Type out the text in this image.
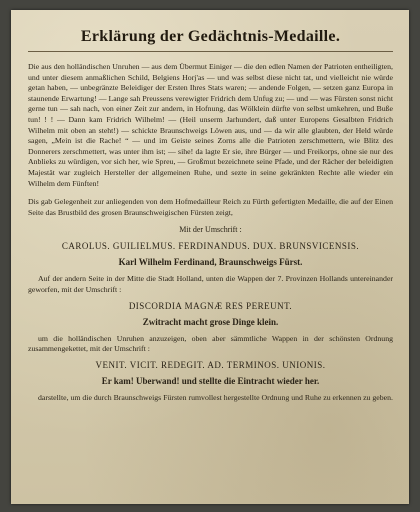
Erklärung der Gedächtnis-Medaille.

Die aus den holländischen Unruhen — aus dem Übermut Einiger — die den edlen Namen der Patrioten entheiligten, und unter diesem anmaßlichen Schild, Belgiens Horj'as — und was selbst diese nicht tat, und vielleicht nie würde getan haben, — unbegränzte Beleidiger der Ersten Ihres Stats waren; — andende Folgen, — setzen ganz Europa in staunende Erwartung! — Lange sah Preussens verewigter Fridrich dem Unfug zu; — und — was Fürsten sonst nicht gerne tun — sah nach, von einer Zeit zur andern, in Hofnung, das Wölklein dürfte von selbst umkehren, und Buße tun! ! ! — Dann kam Fridrich Wilhelm! — (Heil unserm Jarhundert, daß unter Europens Gesalbten Fridrich Wilhelm mit oben an steht!) — schickte Braunschweigs Löwen aus, und — da wir alle glaubten, der Held würde sagen, „Mein ist die Rache! “ — und im Geiste seines Zorns alle die Patrioten zerschmettern, wie Blitz des Donnerers zerschmettert, was unter ihm ist; — sihe! da lagte Er sie, ihre Bürger — und Freikorps, ohne sie nur des Anblieks zu würdigen, vor sich her, wie Spreu, — Großmut bezeichnete seine Pfade, und der Rächer der beleidigten Majestät war zugleich Hersteller der allgemeinen Ruhe, und sezte in seine gekränkten Rechte alle wieder ein Wilhelm dem Fünften!

Dis gab Gelegenheit zur anliegenden von dem Hofmedailleur Reich zu Fürth gefertigten Medaille, die auf der Einen Seite das Brustbild des grosen Braunschweigischen Fürsten zeigt,

Mit der Umschrift :

CAROLUS. GUILIELMUS. FERDINANDUS. DUX. BRUNSVICENSIS.

Karl Wilhelm Ferdinand, Braunschweigs Fürst.

Auf der andern Seite in der Mitte die Stadt Holland, unten die Wappen der 7. Provinzen Hollands untereinander geworfen, mit der Umschrift :

DISCORDIA MAGNÆ RES PEREUNT.

Zwitracht macht grose Dinge klein.

um die holländischen Unruhen anzuzeigen, oben aber sämmtliche Wappen in der schönsten Ordnung zusammengekettet, mit der Umschrift :

VENIT. VICIT. REDEGIT. AD. TERMINOS. UNIONIS.

Er kam! Uberwand! und stellte die Eintracht wieder her.

darstellte, um die durch Braunschweigs Fürsten rumvollest hergestellte Ordnung und Ruhe zu erkennen zu geben.
